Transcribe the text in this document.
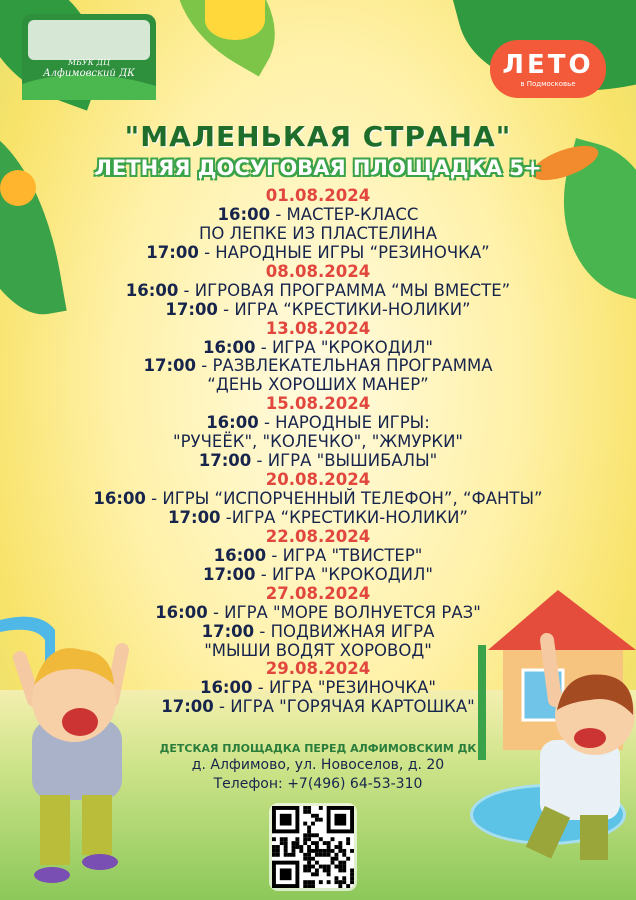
МБУК ДЦ
Алфимовский ДК	ЛЕТО
в Подмосковье
"МАЛЕНЬКАЯ СТРАНА"
ЛЕТНЯЯ ДОСУГОВАЯ ПЛОЩАДКА 5+
01.08.2024
16:00 - МАСТЕР-КЛАСС
ПО ЛЕПКЕ ИЗ ПЛАСТЕЛИНА
17:00 - НАРОДНЫЕ ИГРЫ “РЕЗИНОЧКА”
08.08.2024
16:00 - ИГРОВАЯ ПРОГРАММА “МЫ ВМЕСТЕ”
17:00 - ИГРА “КРЕСТИКИ-НОЛИКИ”
13.08.2024
16:00 - ИГРА "КРОКОДИЛ"
17:00 - РАЗВЛЕКАТЕЛЬНАЯ ПРОГРАММА
“ДЕНЬ ХОРОШИХ МАНЕР”
15.08.2024
16:00 - НАРОДНЫЕ ИГРЫ:
"РУЧЕЁК", "КОЛЕЧКО", "ЖМУРКИ"
17:00 - ИГРА "ВЫШИБАЛЫ"
20.08.2024
16:00 - ИГРЫ “ИСПОРЧЕННЫЙ ТЕЛЕФОН”, “ФАНТЫ”
17:00 -ИГРА “КРЕСТИКИ-НОЛИКИ”
22.08.2024
16:00 - ИГРА "ТВИСТЕР"
17:00 - ИГРА "КРОКОДИЛ"
27.08.2024
16:00 - ИГРА "МОРЕ ВОЛНУЕТСЯ РАЗ"
17:00 - ПОДВИЖНАЯ ИГРА
"МЫШИ ВОДЯТ ХОРОВОД"
29.08.2024
16:00 - ИГРА "РЕЗИНОЧКА"
17:00 - ИГРА "ГОРЯЧАЯ КАРТОШКА"
ДЕТСКАЯ ПЛОЩАДКА ПЕРЕД АЛФИМОВСКИМ ДК
д. Алфимово, ул. Новоселов, д. 20
Телефон: +7(496) 64-53-310
